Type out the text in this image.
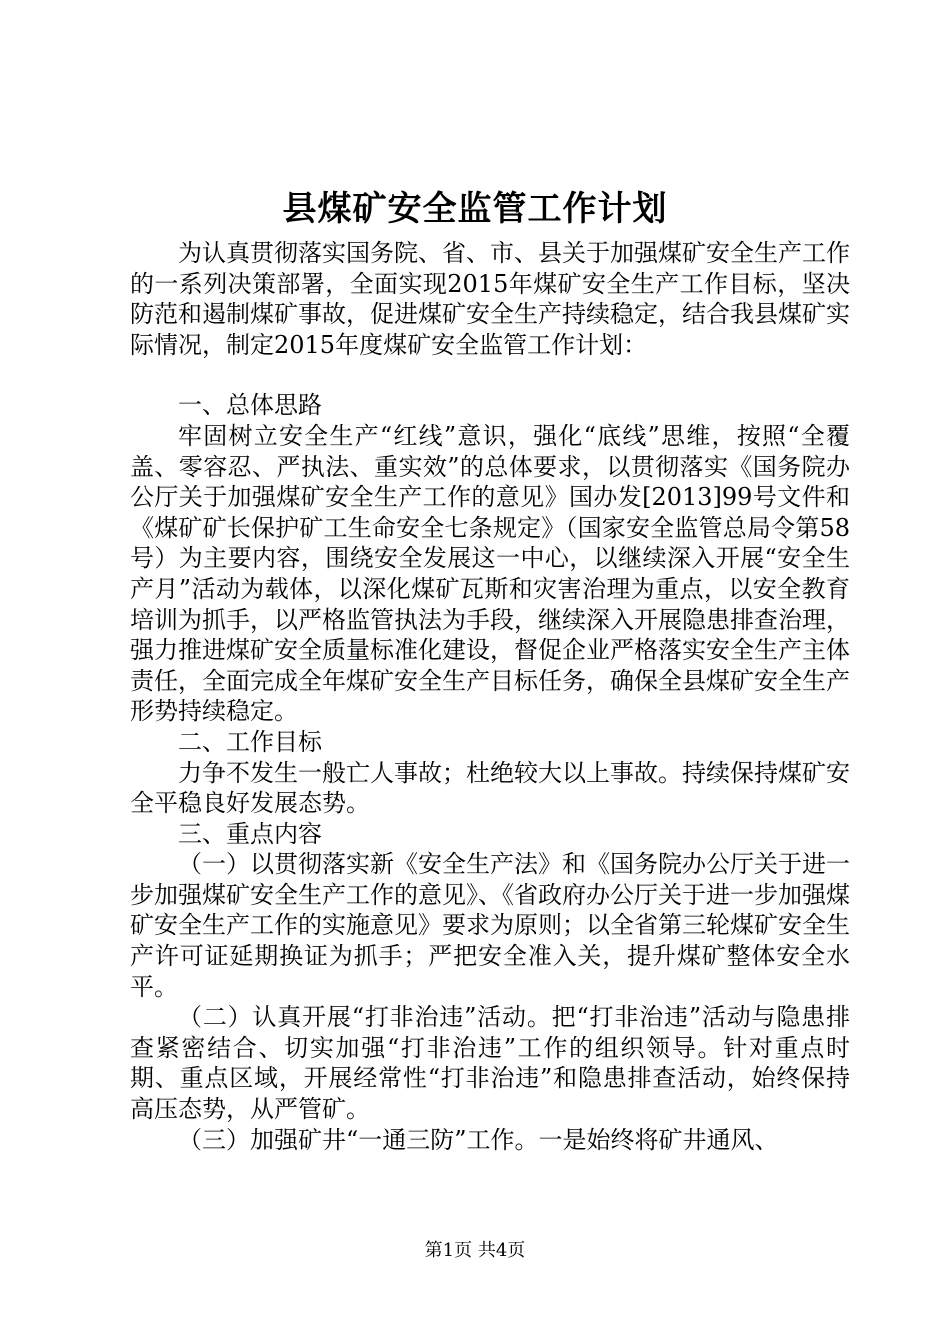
县煤矿安全监管工作计划

为认真贯彻落实国务院、省、市、县关于加强煤矿安全生产工作的一系列决策部署，全面实现2015年煤矿安全生产工作目标，坚决防范和遏制煤矿事故，促进煤矿安全生产持续稳定，结合我县煤矿实际情况，制定2015年度煤矿安全监管工作计划：

一、总体思路

牢固树立安全生产“红线”意识，强化“底线”思维，按照“全覆盖、零容忍、严执法、重实效”的总体要求，以贯彻落实《国务院办公厅关于加强煤矿安全生产工作的意见》国办发[2013]99号文件和《煤矿矿长保护矿工生命安全七条规定》（国家安全监管总局令第58号）为主要内容，围绕安全发展这一中心，以继续深入开展“安全生产月”活动为载体，以深化煤矿瓦斯和灾害治理为重点，以安全教育培训为抓手，以严格监管执法为手段，继续深入开展隐患排查治理，强力推进煤矿安全质量标准化建设，督促企业严格落实安全生产主体责任，全面完成全年煤矿安全生产目标任务，确保全县煤矿安全生产形势持续稳定。

二、工作目标

力争不发生一般亡人事故；杜绝较大以上事故。持续保持煤矿安全平稳良好发展态势。

三、重点内容

（一）以贯彻落实新《安全生产法》和《国务院办公厅关于进一步加强煤矿安全生产工作的意见》、《省政府办公厅关于进一步加强煤矿安全生产工作的实施意见》要求为原则；以全省第三轮煤矿安全生产许可证延期换证为抓手；严把安全准入关，提升煤矿整体安全水平。

（二）认真开展“打非治违”活动。把“打非治违”活动与隐患排查紧密结合、切实加强“打非治违”工作的组织领导。针对重点时期、重点区域，开展经常性“打非治违”和隐患排查活动，始终保持高压态势，从严管矿。

（三）加强矿井“一通三防”工作。一是始终将矿井通风、

第1页 共4页
